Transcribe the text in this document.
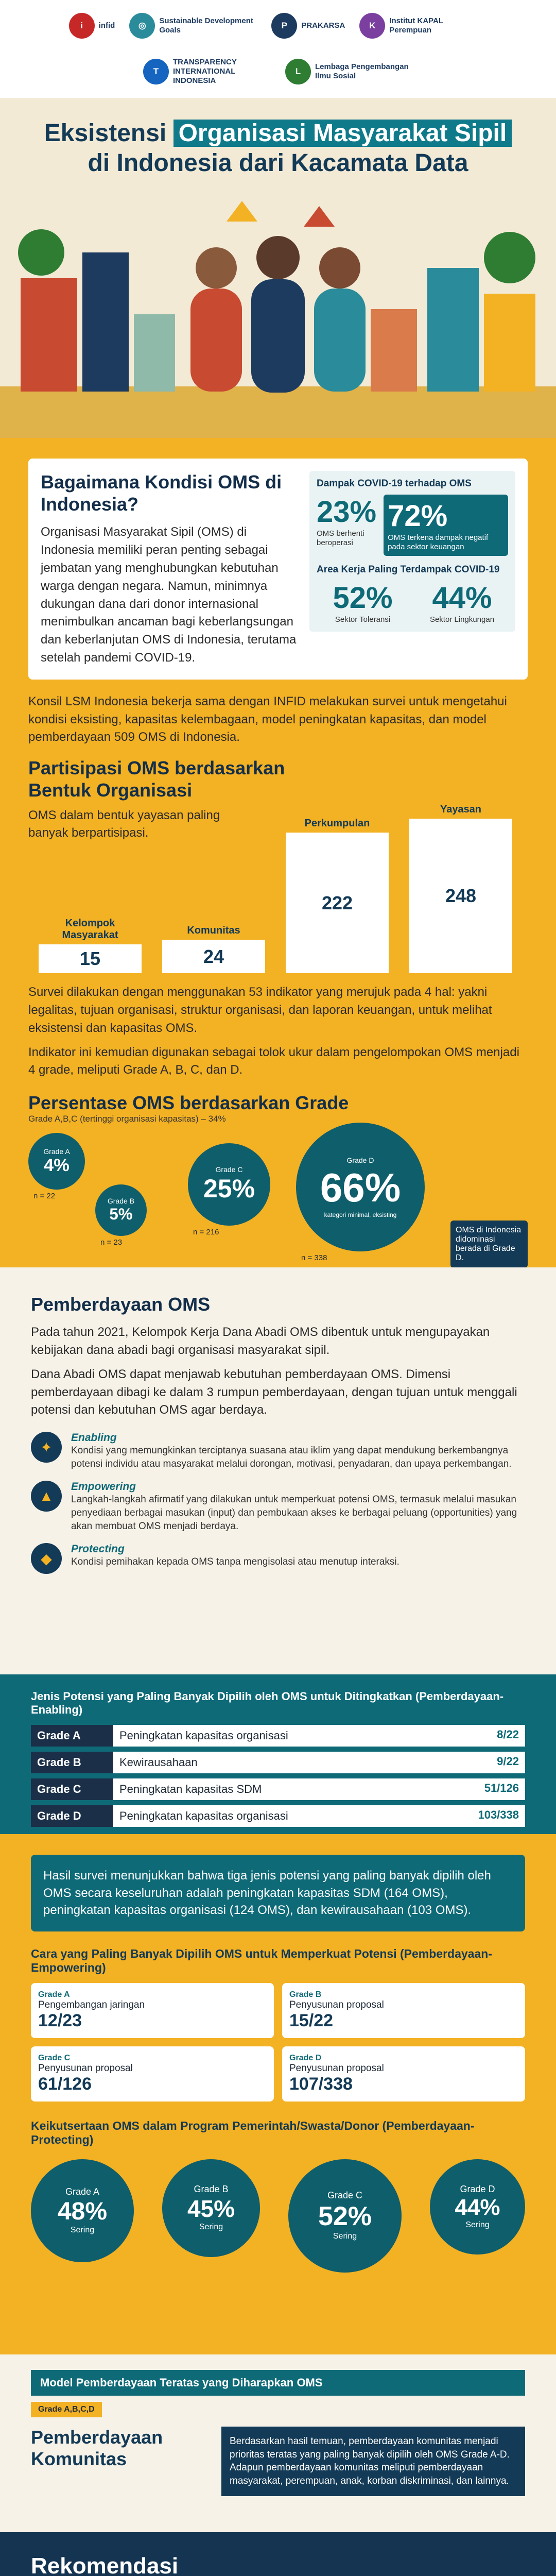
i	infid	◎	Sustainable Development Goals	P	PRAKARSA	K	Institut KAPAL Perempuan
T
TRANSPARENCY INTERNATIONAL INDONESIA
L	Lembaga Pengembangan Ilmu Sosial
Eksistensi Organisasi Masyarakat Sipil
di Indonesia dari Kacamata Data
Bagaimana Kondisi OMS di Indonesia?

Organisasi Masyarakat Sipil (OMS) di Indonesia memiliki peran penting sebagai jembatan yang menghubungkan kebutuhan warga dengan negara. Namun, minimnya dukungan dana dari donor internasional menimbulkan ancaman bagi keberlangsungan dan keberlanjutan OMS di Indonesia, terutama setelah pandemi COVID-19.

Dampak COVID-19 terhadap OMS
23%
OMS berhenti beroperasi
72%
OMS terkena dampak negatif pada sektor keuangan
Area Kerja Paling Terdampak COVID-19
52%
Sektor Toleransi
44%
Sektor Lingkungan

Konsil LSM Indonesia bekerja sama dengan INFID melakukan survei untuk mengetahui kondisi eksisting, kapasitas kelembagaan, model peningkatan kapasitas, dan model pemberdayaan 509 OMS di Indonesia.

Partisipasi OMS berdasarkan Bentuk Organisasi

OMS dalam bentuk yayasan paling banyak berpartisipasi.

Kelompok Masyarakat
15
Komunitas
24
Perkumpulan
222
Yayasan
248

Survei dilakukan dengan menggunakan 53 indikator yang merujuk pada 4 hal: yakni legalitas, tujuan organisasi, struktur organisasi, dan laporan keuangan, untuk melihat eksistensi dan kapasitas OMS.

Indikator ini kemudian digunakan sebagai tolok ukur dalam pengelompokan OMS menjadi 4 grade, meliputi Grade A, B, C, dan D.

Persentase OMS berdasarkan Grade
Grade A,B,C (tertinggi organisasi kapasitas) – 34%
Grade A
4%
n = 22
Grade B
5%
n = 23
Grade C
25%
n = 216
Grade D
66%
kategori minimal, eksisting
n = 338
OMS di Indonesia didominasi berada di Grade D.
Pemberdayaan OMS

Pada tahun 2021, Kelompok Kerja Dana Abadi OMS dibentuk untuk mengupayakan kebijakan dana abadi bagi organisasi masyarakat sipil.

Dana Abadi OMS dapat menjawab kebutuhan pemberdayaan OMS. Dimensi pemberdayaan dibagi ke dalam 3 rumpun pemberdayaan, dengan tujuan untuk menggali potensi dan kebutuhan OMS agar berdaya.

✦
Enabling
Kondisi yang memungkinkan terciptanya suasana atau iklim yang dapat mendukung berkembangnya potensi individu atau masyarakat melalui dorongan, motivasi, penyadaran, dan upaya perkembangan.
▲
Empowering
Langkah-langkah afirmatif yang dilakukan untuk memperkuat potensi OMS, termasuk melalui masukan penyediaan berbagai masukan (input) dan pembukaan akses ke berbagai peluang (opportunities) yang akan membuat OMS menjadi berdaya.
◆
Protecting
Kondisi pemihakan kepada OMS tanpa mengisolasi atau menutup interaksi.
Jenis Potensi yang Paling Banyak Dipilih oleh OMS untuk Ditingkatkan (Pemberdayaan-Enabling)
Grade A	Peningkatan kapasitas organisasi	8/22
Grade B	Kewirausahaan	9/22
Grade C	Peningkatan kapasitas SDM	51/126
Grade D	Peningkatan kapasitas organisasi	103/338
Hasil survei menunjukkan bahwa tiga jenis potensi yang paling banyak dipilih oleh OMS secara keseluruhan adalah peningkatan kapasitas SDM (164 OMS), peningkatan kapasitas organisasi (124 OMS), dan kewirausahaan (103 OMS).
Cara yang Paling Banyak Dipilih OMS untuk Memperkuat Potensi (Pemberdayaan-Empowering)
Grade A
Pengembangan jaringan
12/23
Grade B
Penyusunan proposal
15/22
Grade C
Penyusunan proposal
61/126
Grade D
Penyusunan proposal
107/338
Keikutsertaan OMS dalam Program Pemerintah/Swasta/Donor (Pemberdayaan-Protecting)
Grade A
48%
Sering
Grade B
45%
Sering
Grade C
52%
Sering
Grade D
44%
Sering
Model Pemberdayaan Teratas yang Diharapkan OMS
Grade A,B,C,D
Pemberdayaan Komunitas
Berdasarkan hasil temuan, pemberdayaan komunitas menjadi prioritas teratas yang paling banyak dipilih oleh OMS Grade A-D. Adapun pemberdayaan komunitas meliputi pemberdayaan masyarakat, perempuan, anak, korban diskriminasi, dan lainnya.
Rekomendasi
